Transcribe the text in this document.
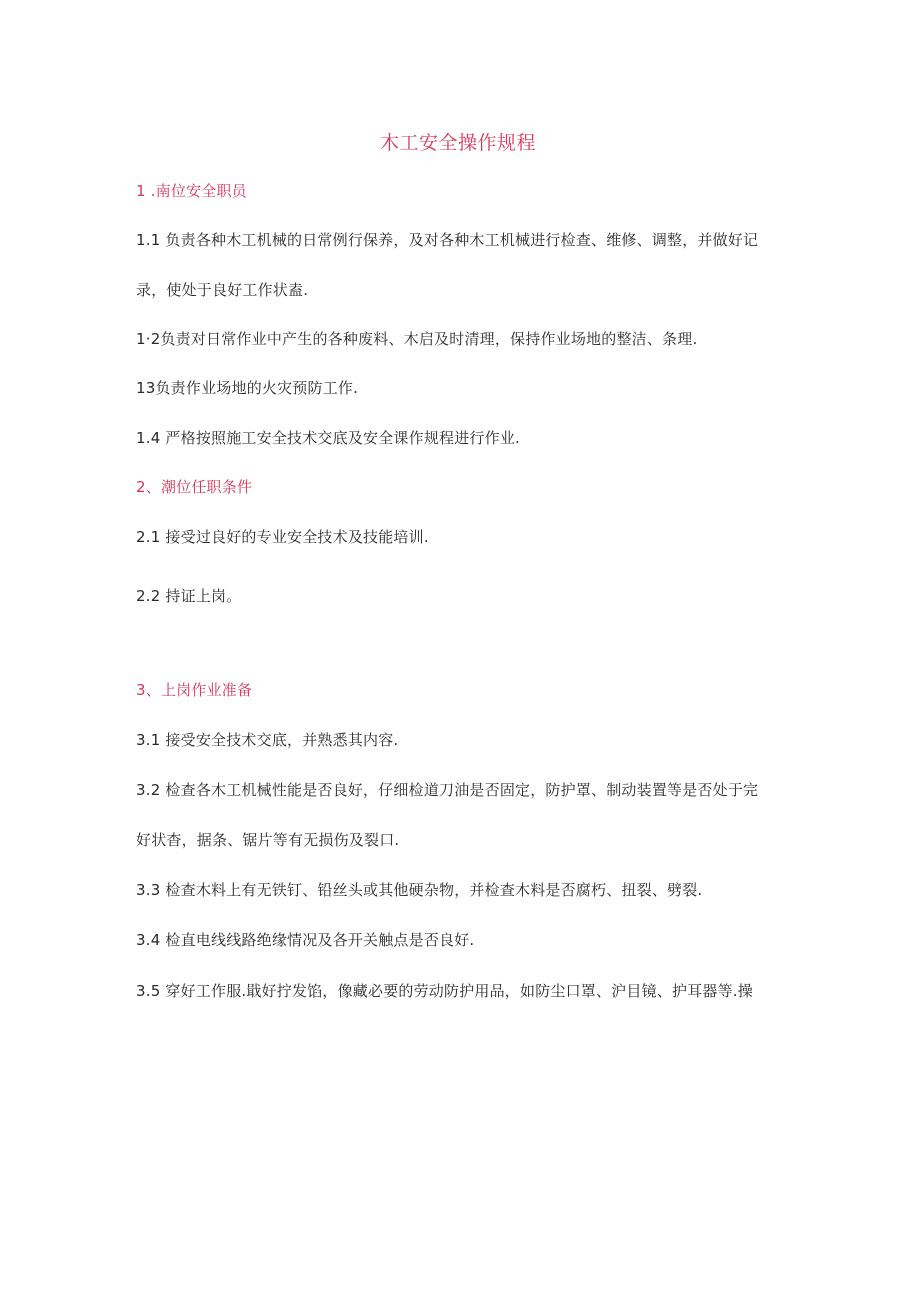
木工安全操作规程
1 .南位安全职员
1.1 负责各种木工机械的日常例行保养，及对各种木工机械进行检查、维修、调整，并做好记
录，使处于良好工作状盍.
1·2负责对日常作业中产生的各种废料、木启及时清理，保持作业场地的整洁、条理.
13负责作业场地的火灾预防工作.
1.4 严格按照施工安全技术交底及安全课作规程进行作业.
2、潮位任职条件
2.1 接受过良好的专业安全技术及技能培训.
2.2 持证上岗。
3、上岗作业准备
3.1 接受安全技术交底，并熟悉其内容.
3.2 检查各木工机械性能是否良好，仔细检道刀油是否固定，防护罩、制动装置等是否处于完
好状杳，据条、锯片等有无损伤及裂口.
3.3 检查木料上有无铁钉、铅丝头或其他硬杂物，并检查木料是否腐朽、扭裂、劈裂.
3.4 检直电线线路绝缘情况及各开关触点是否良好.
3.5 穿好工作服.戢好拧发馅，像藏必要的劳动防护用品，如防尘口罩、沪目镜、护耳器等.操
